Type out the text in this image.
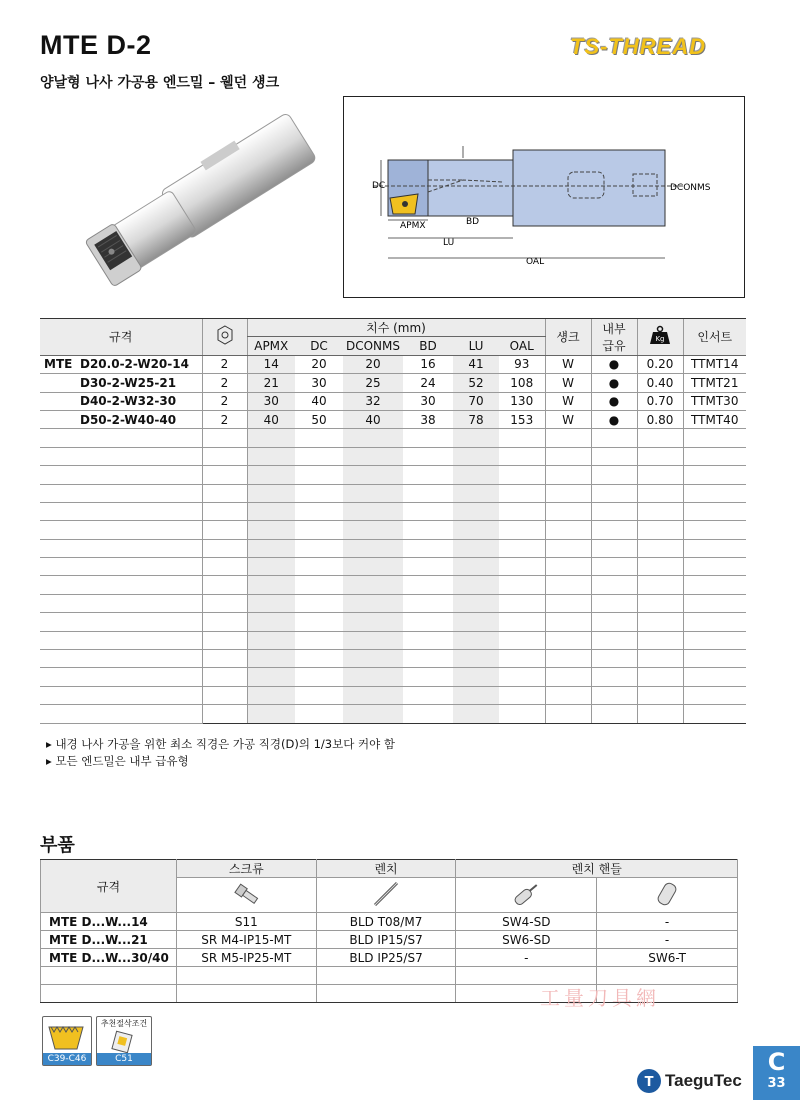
MTE D-2
양날형 나사 가공용 엔드밀 – 웰던 섕크
TS-THREAD
DC
APMX	BD
LU
OAL
DCONMS
규격		치수 (mm)						섕크	내부 급유	Kg	인서트
		APMX	DC	DCONMS	BD	LU	OAL				
MTE D20.0-2-W20-14	2	14	20	20	16	41	93	W	●	0.20	TTMT14
D30-2-W25-21	2	21	30	25	24	52	108	W	●	0.40	TTMT21
D40-2-W32-30	2	30	40	32	30	70	130	W	●	0.70	TTMT30
D50-2-W40-40	2	40	50	40	38	78	153	W	●	0.80	TTMT40

▸ 내경 나사 가공을 위한 최소 직경은 가공 직경(D)의 1/3보다 커야 함
▸ 모든 엔드밀은 내부 급유형
부품
규격	스크류	렌치	렌치 핸들	

MTE D...W...14	S11	BLD T08/M7	SW4-SD	-
MTE D...W...21	SR M4-IP15-MT	BLD IP15/S7	SW6-SD	-
MTE D...W...30/40	SR M5-IP25-MT	BLD IP25/S7	-	SW6-T

C39-C46
추천절삭조건
C51
工量刀具網
T TaeguTec
C
33
